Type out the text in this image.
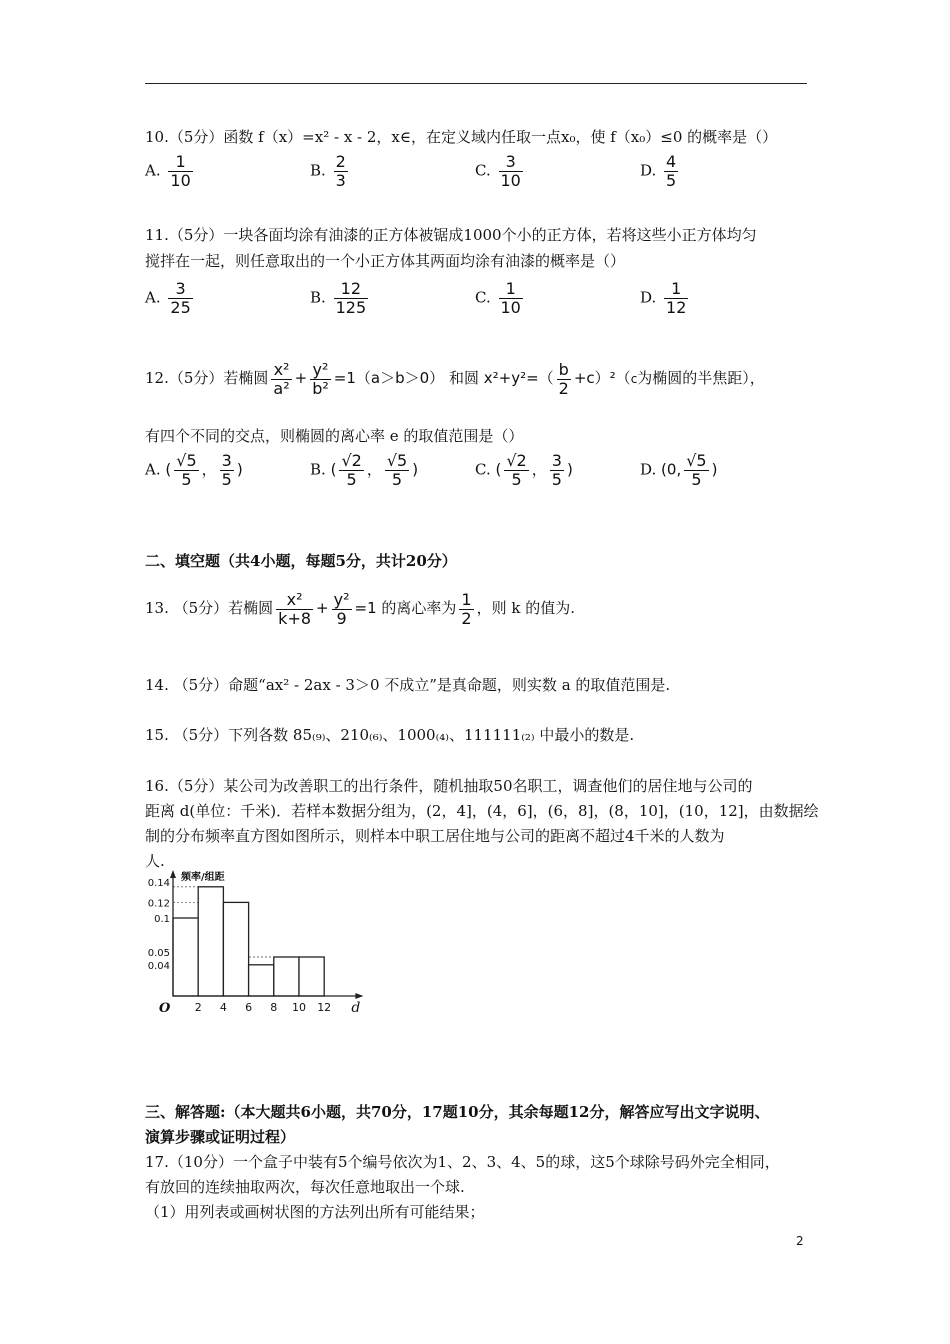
10.（5分）函数 f（x）=x² - x - 2，x∈，在定义域内任取一点x₀，使 f（x₀）≤0 的概率是（）
A. $\frac{1}{10}$	B. $\frac{2}{3}$	C. $\frac{3}{10}$	D. $\frac{4}{5}$
11.（5分）一块各面均涂有油漆的正方体被锯成1000个小的正方体，若将这些小正方体均匀
搅拌在一起，则任意取出的一个小正方体其两面均涂有油漆的概率是（）
A. $\frac{3}{25}$	B. $\frac{12}{125}$	C. $\frac{1}{10}$	D. $\frac{1}{12}$
12.（5分）若椭圆 $\frac{\text{x²}}{\text{a²}} + \frac{\text{y²}}{\text{b²}} =1(a>b>0)$ 和圆 $x^2+y^2=( \frac{b}{2} +c)^2(c$为椭圆的半焦距），
有四个不同的交点，则椭圆的离心率 e 的取值范围是（）
A. ( $\frac{√5}{5}$ ， $\frac{3}{5}$ )	B. ( $\frac{√2}{5}$ ， $\frac{√5}{5}$ )	C. ( $\frac{√2}{5}$ ， $\frac{3}{5}$ )	D. (0, $\frac{√5}{5}$ )
二、填空题（共4小题，每题5分，共计20分）
13. （5分）若椭圆 $\frac{\text{x²}}{k+8} + \frac{\text{y²}}{9} =1$ 的离心率为 $\frac{1}{2}$ ，则 k 的值为.
14. （5分）命题“ax² - 2ax - 3＞0 不成立”是真命题，则实数 a 的取值范围是.
15. （5分）下列各数 85₍₉₎、210₍₆₎、1000₍₄₎、111111₍₂₎ 中最小的数是.
16.（5分）某公司为改善职工的出行条件，随机抽取50名职工，调查他们的居住地与公司的
距离 d(单位：千米)．若样本数据分组为，(2，4]，(4，6]，(6，8]，(8，10]，(10，12]，由数据绘
制的分布频率直方图如图所示，则样本中职工居住地与公司的距离不超过4千米的人数为
人.
0.14
0.12
0.1
0.05
0.04
2 4 6 8 10 12
O	d
频率/组距
三、解答题:（本大题共6小题，共70分，17题10分，其余每题12分，解答应写出文字说明、
演算步骤或证明过程）
17.（10分）一个盒子中装有5个编号依次为1、2、3、4、5的球，这5个球除号码外完全相同，
有放回的连续抽取两次，每次任意地取出一个球.
（1）用列表或画树状图的方法列出所有可能结果；
2
